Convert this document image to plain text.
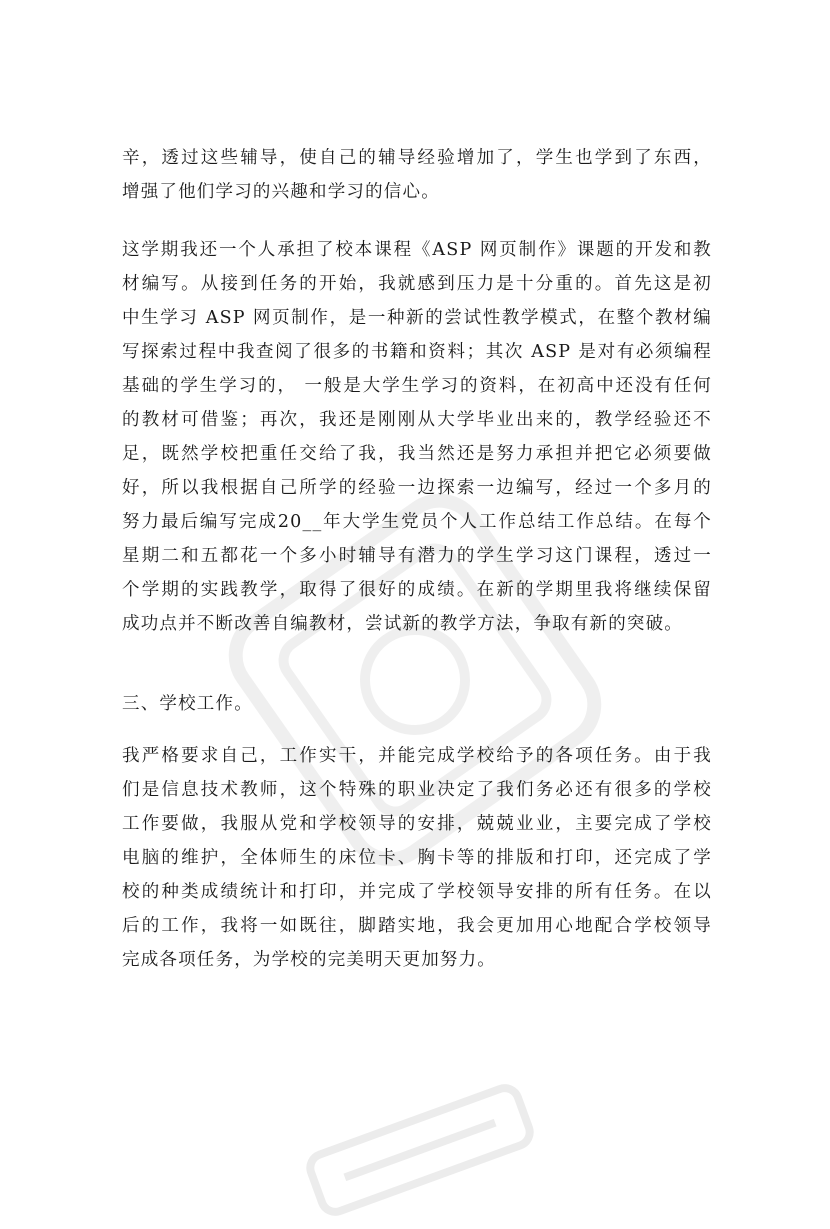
辛，透过这些辅导，使自己的辅导经验增加了，学生也学到了东西，
增强了他们学习的兴趣和学习的信心。
这学期我还一个人承担了校本课程《ASP 网页制作》课题的开发和教
材编写。从接到任务的开始，我就感到压力是十分重的。首先这是初
中生学习 ASP 网页制作，是一种新的尝试性教学模式，在整个教材编
写探索过程中我查阅了很多的书籍和资料；其次 ASP 是对有必须编程
基础的学生学习的， 一般是大学生学习的资料，在初高中还没有任何
的教材可借鉴；再次，我还是刚刚从大学毕业出来的，教学经验还不
足，既然学校把重任交给了我，我当然还是努力承担并把它必须要做
好，所以我根据自己所学的经验一边探索一边编写，经过一个多月的
努力最后编写完成20__年大学生党员个人工作总结工作总结。在每个
星期二和五都花一个多小时辅导有潜力的学生学习这门课程，透过一
个学期的实践教学，取得了很好的成绩。在新的学期里我将继续保留
成功点并不断改善自编教材，尝试新的教学方法，争取有新的突破。
三、学校工作。
我严格要求自己，工作实干，并能完成学校给予的各项任务。由于我
们是信息技术教师，这个特殊的职业决定了我们务必还有很多的学校
工作要做，我服从党和学校领导的安排，兢兢业业，主要完成了学校
电脑的维护，全体师生的床位卡、胸卡等的排版和打印，还完成了学
校的种类成绩统计和打印，并完成了学校领导安排的所有任务。在以
后的工作，我将一如既往，脚踏实地，我会更加用心地配合学校领导
完成各项任务，为学校的完美明天更加努力。
